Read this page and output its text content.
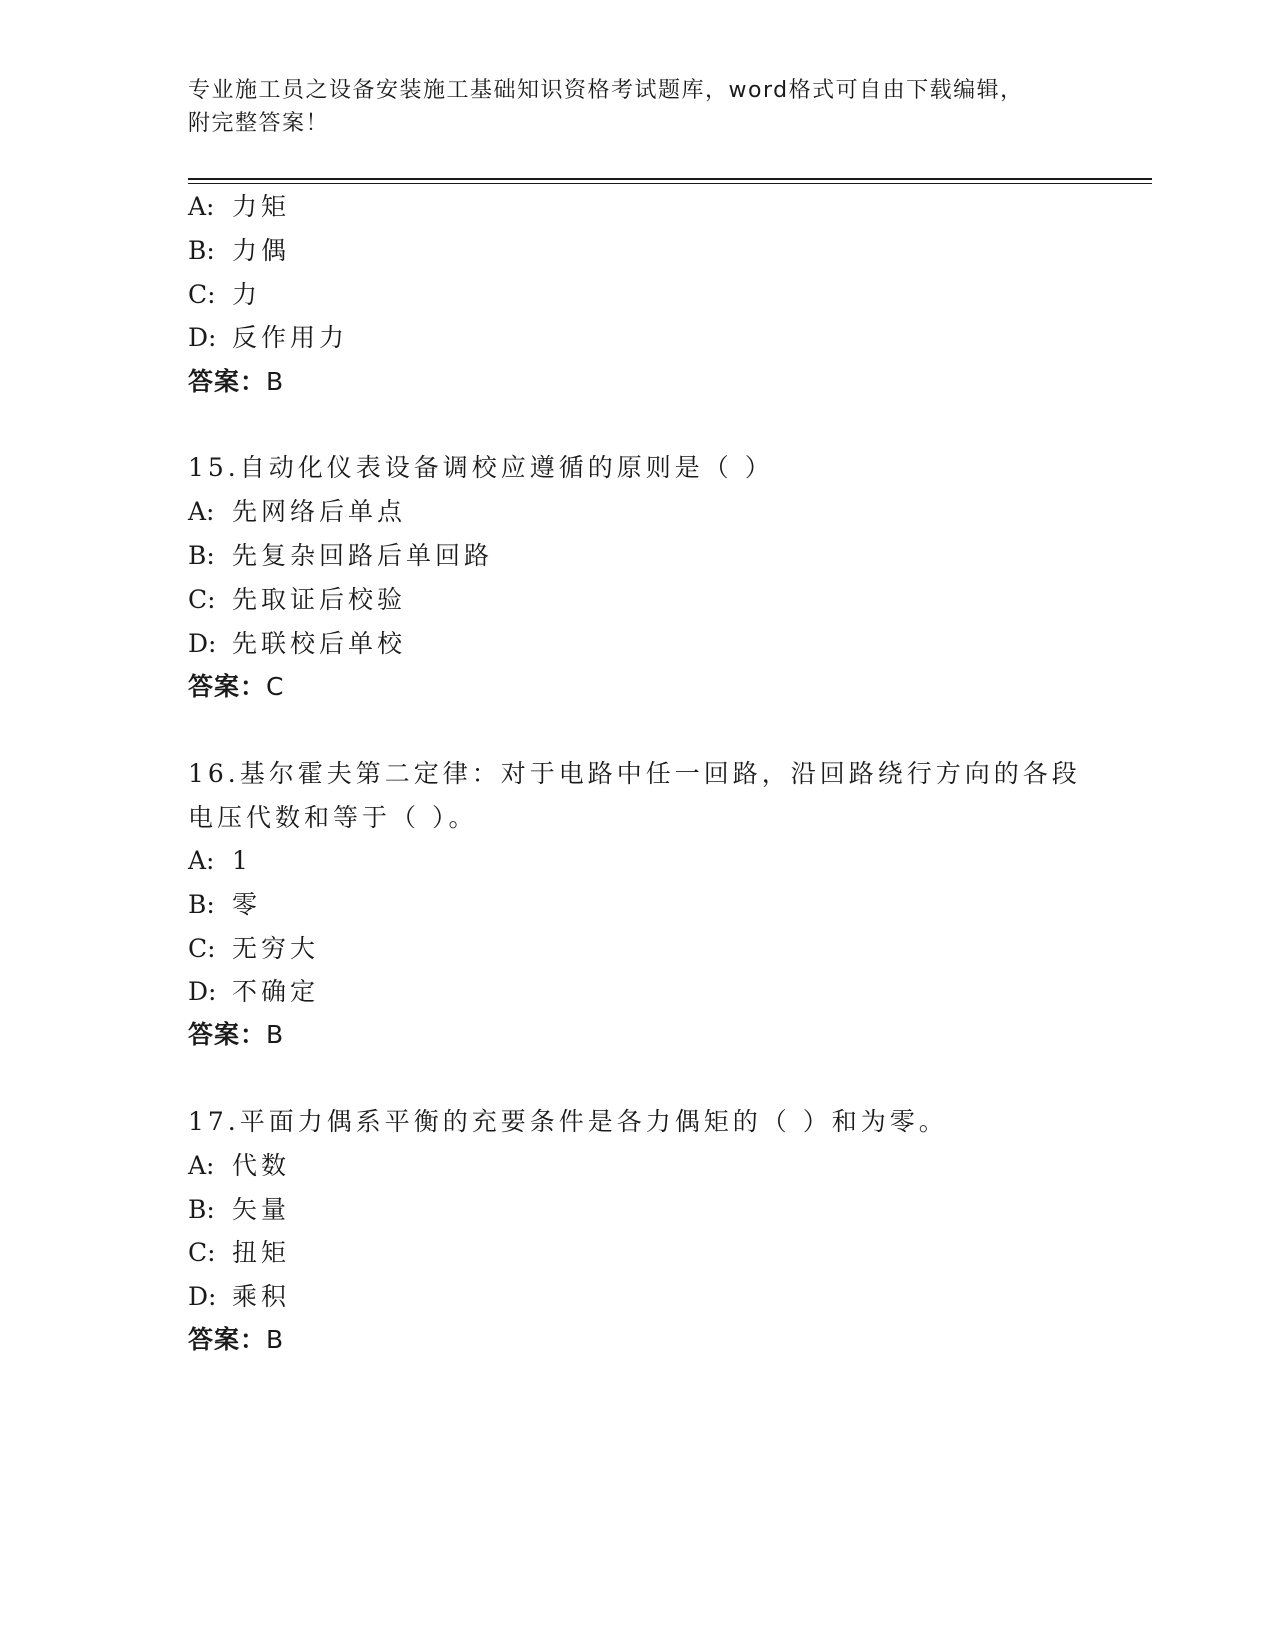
专业施工员之设备安装施工基础知识资格考试题库，word格式可自由下载编辑，
附完整答案！
A: 力矩
B: 力偶
C: 力
D: 反作用力
答案：B
15.自动化仪表设备调校应遵循的原则是（ ）
A: 先网络后单点
B: 先复杂回路后单回路
C: 先取证后校验
D: 先联校后单校
答案：C
16.基尔霍夫第二定律：对于电路中任一回路，沿回路绕行方向的各段
电压代数和等于（ ）。
A: 1
B: 零
C: 无穷大
D: 不确定
答案：B
17.平面力偶系平衡的充要条件是各力偶矩的（ ）和为零。
A: 代数
B: 矢量
C: 扭矩
D: 乘积
答案：B
